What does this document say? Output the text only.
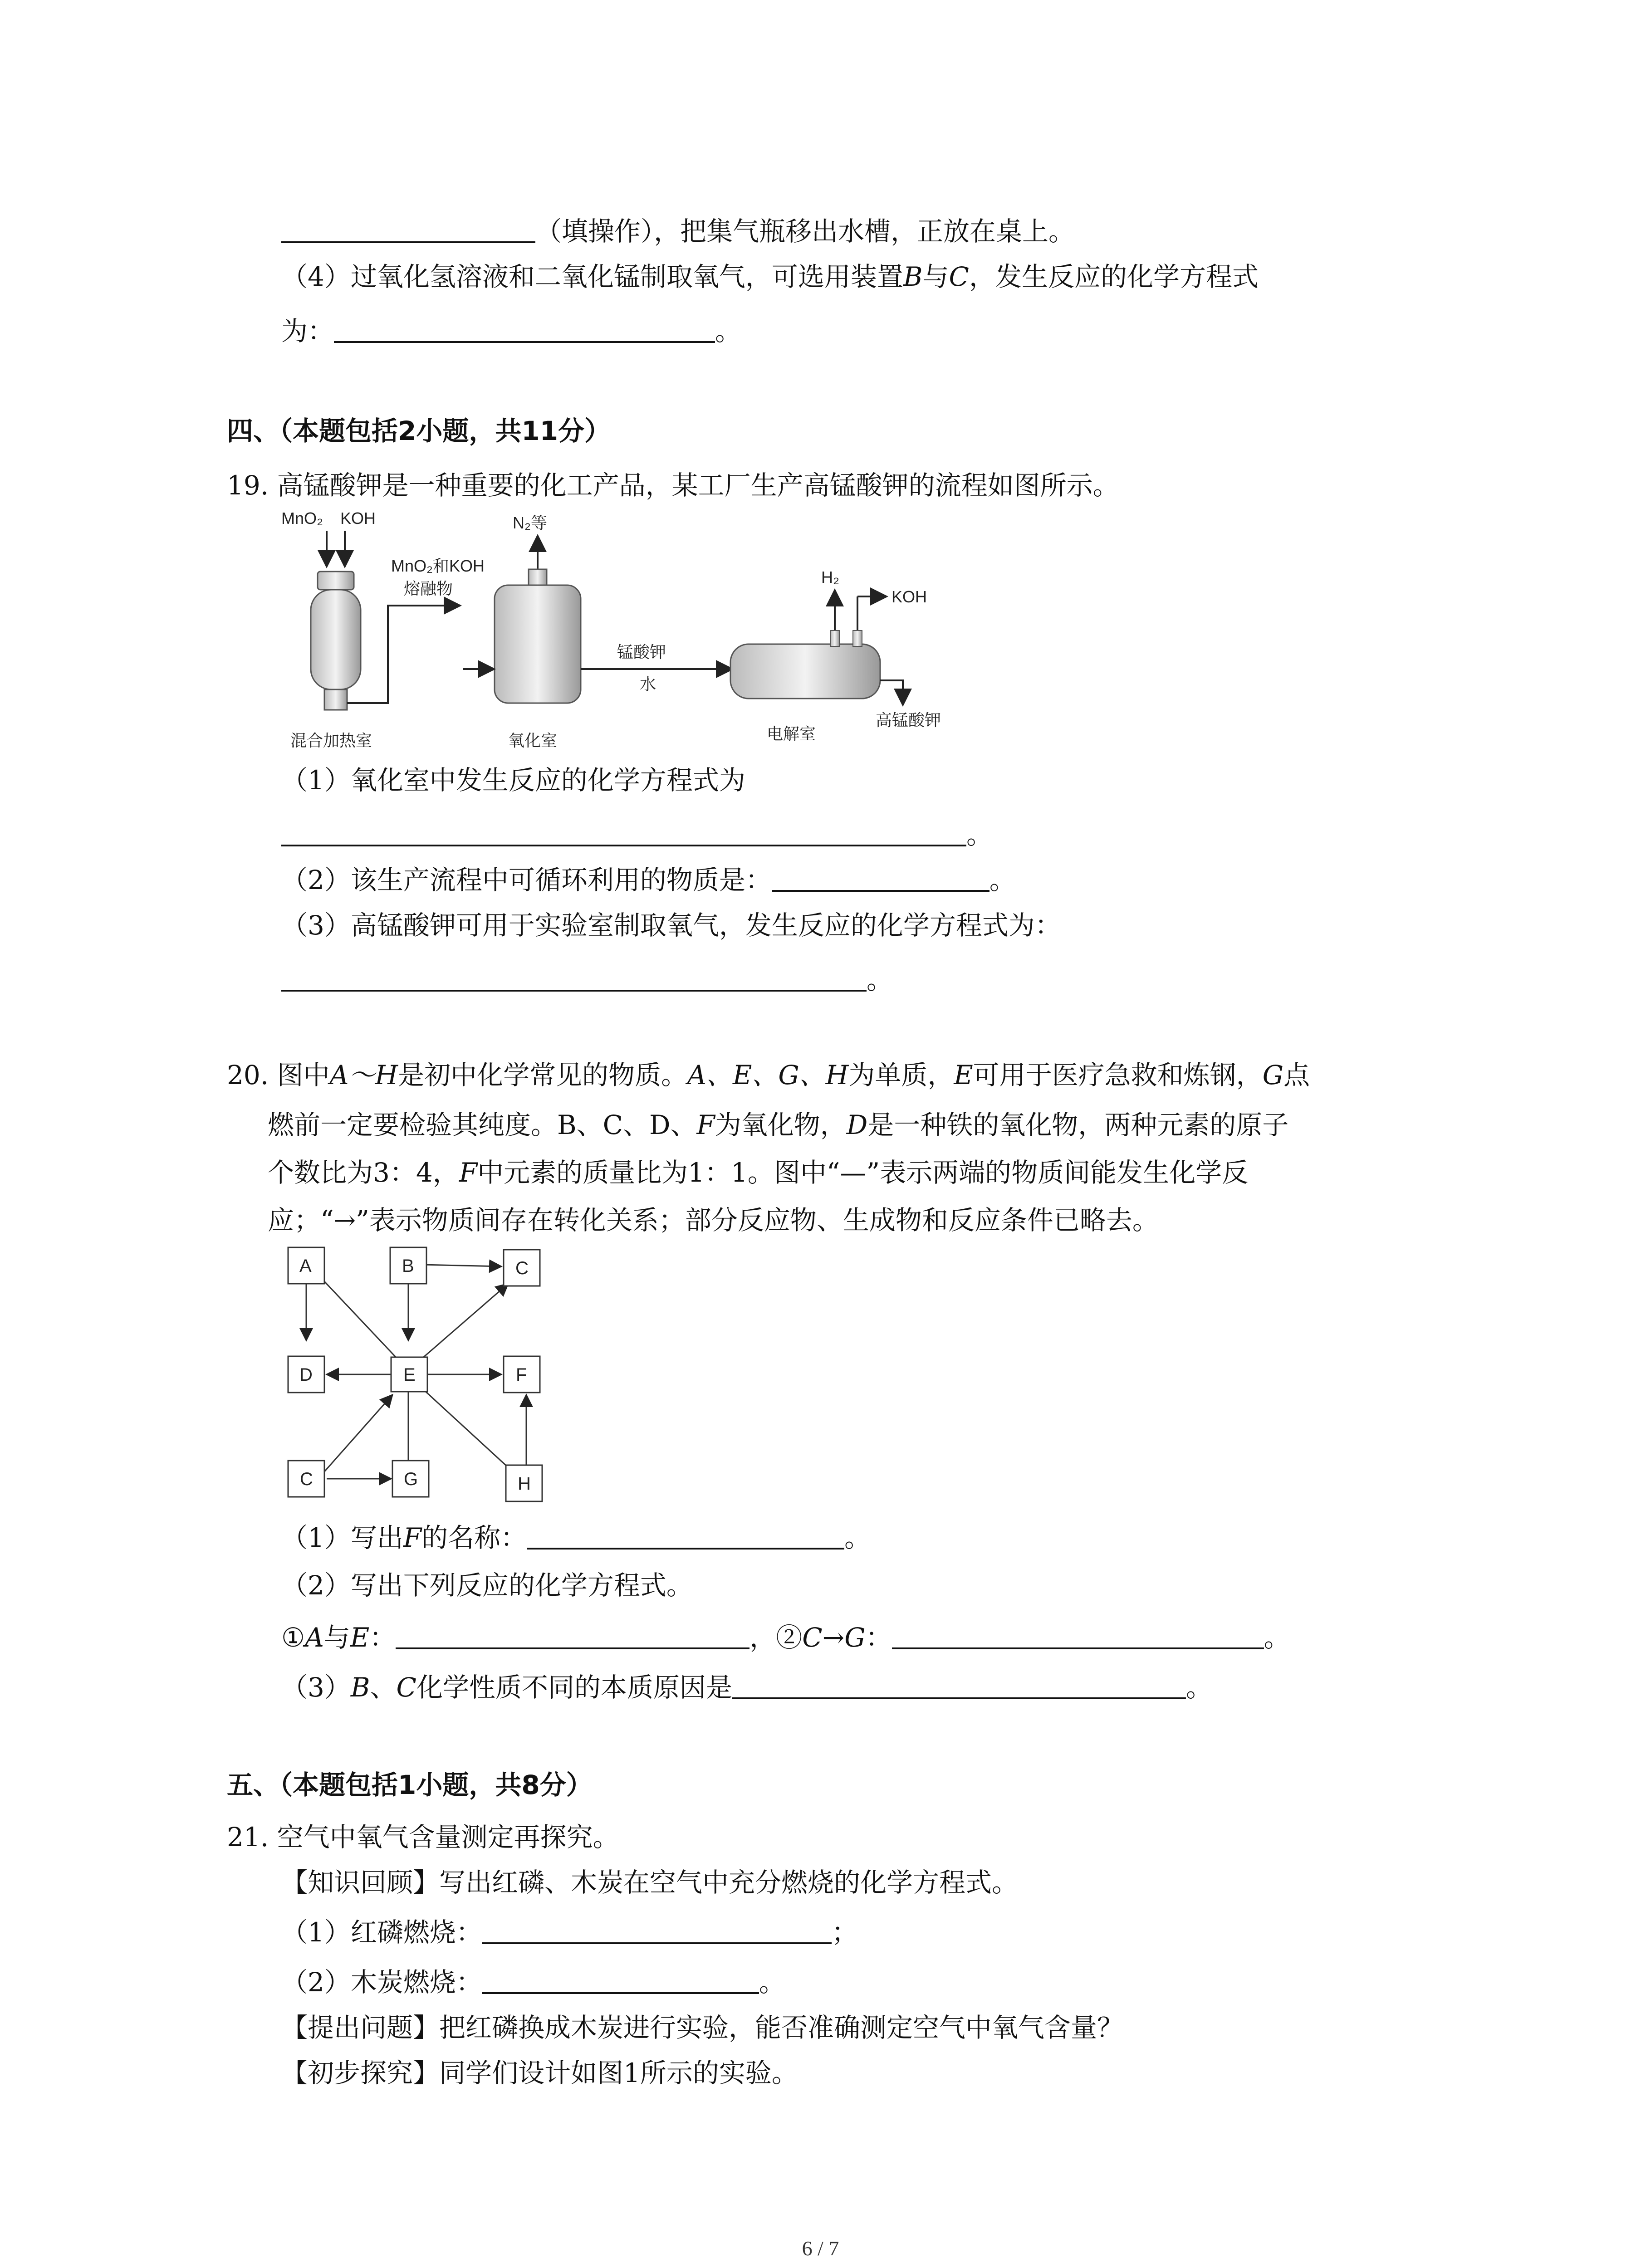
（填操作），把集气瓶移出水槽，正放在桌上。
（4）过氧化氢溶液和二氧化锰制取氧气，可选用装置B与C，发生反应的化学方程式
为：	。
四、（本题包括2小题，共11分）
19. 高锰酸钾是一种重要的化工产品，某工厂生产高锰酸钾的流程如图所示。
MnO₂ KOH
MnO₂和KOH
熔融物
N₂等
锰酸钾
水
H₂
KOH
混合加热室	氧化室	电解室
高锰酸钾
（1）氧化室中发生反应的化学方程式为
。
（2）该生产流程中可循环利用的物质是：	。
（3）高锰酸钾可用于实验室制取氧气，发生反应的化学方程式为：
。
20. 图中A～H是初中化学常见的物质。A、E、G、H为单质，E可用于医疗急救和炼钢，G点
燃前一定要检验其纯度。B、C、D、F为氧化物，D是一种铁的氧化物，两种元素的原子
个数比为3：4，F中元素的质量比为1：1。图中“—”表示两端的物质间能发生化学反
应；“→”表示物质间存在转化关系；部分反应物、生成物和反应条件已略去。
A	B	C
D	E	F
C	G	H
（1）写出F的名称：	。
（2）写出下列反应的化学方程式。
①A与E：	，②C→G：	。
（3）B、C化学性质不同的本质原因是	。
五、（本题包括1小题，共8分）
21. 空气中氧气含量测定再探究。
【知识回顾】写出红磷、木炭在空气中充分燃烧的化学方程式。
（1）红磷燃烧：	；
（2）木炭燃烧：	。
【提出问题】把红磷换成木炭进行实验，能否准确测定空气中氧气含量？
【初步探究】同学们设计如图1所示的实验。
6 / 7
